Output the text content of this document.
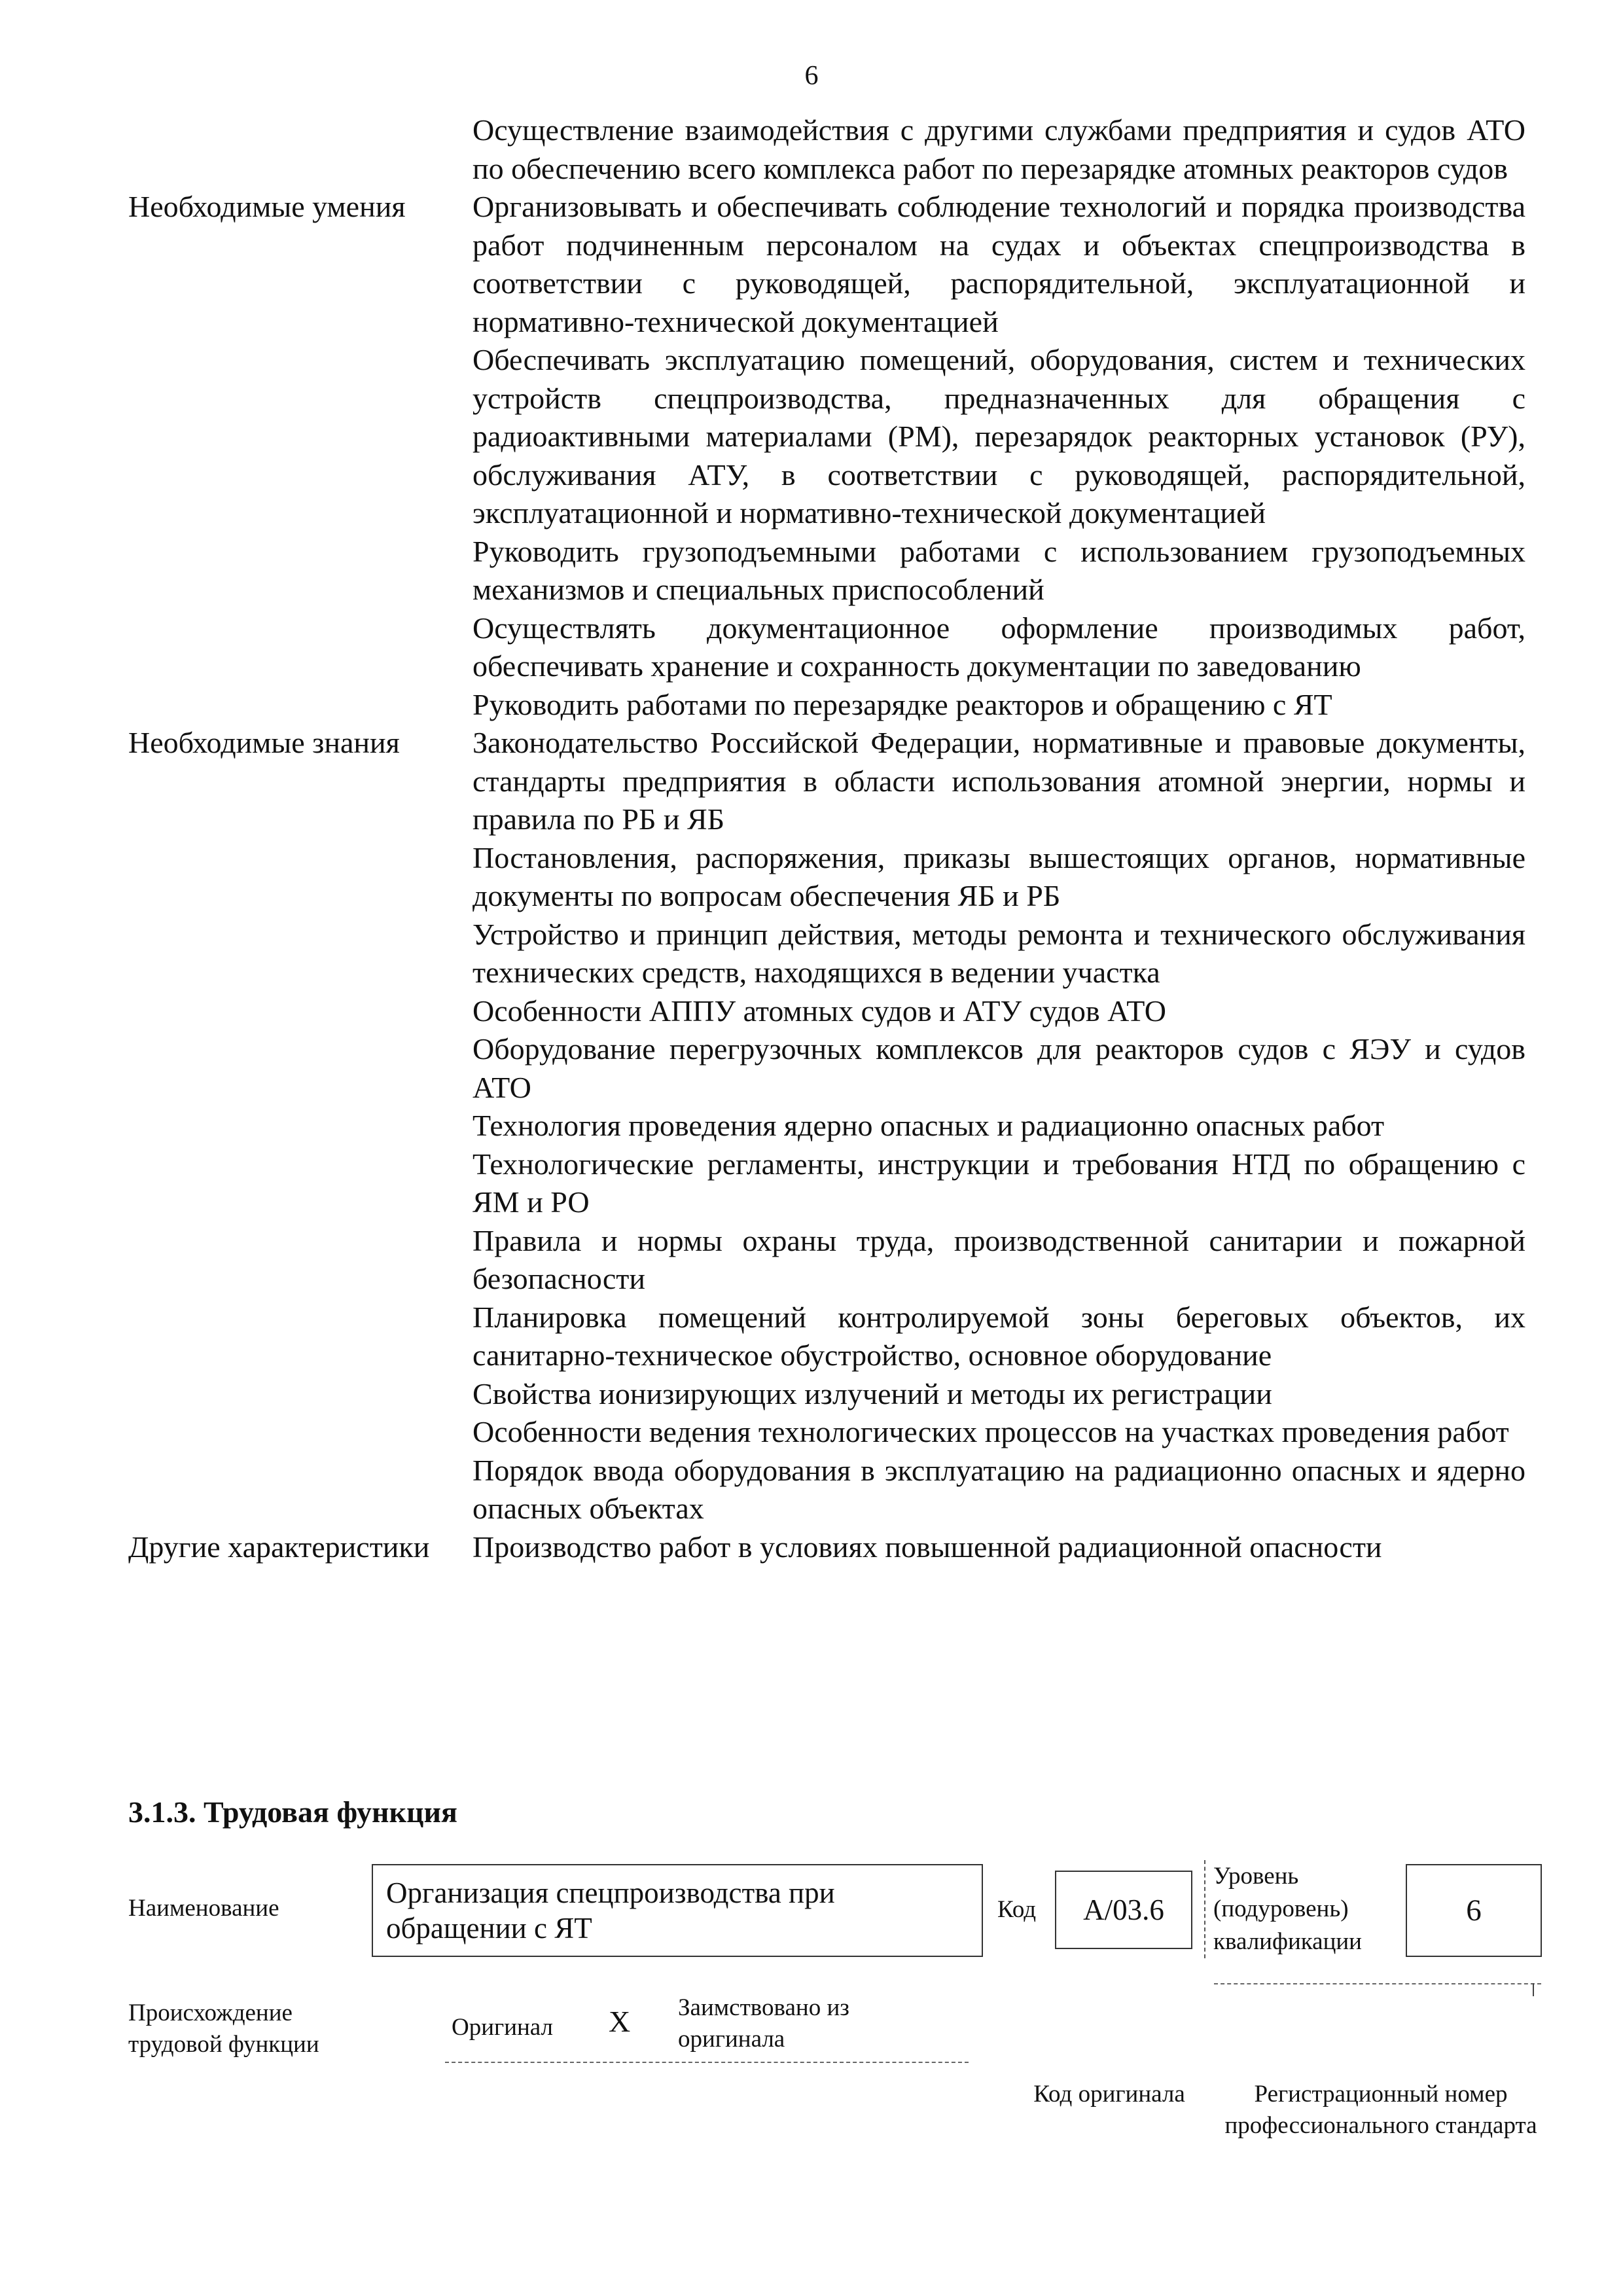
6
Осуществление взаимодействия с другими службами предприятия и судов АТО по обеспечению всего комплекса работ по перезарядке атомных реакторов судов
Необходимые умения	Организовывать и обеспечивать соблюдение технологий и порядка производства работ подчиненным персоналом на судах и объектах спецпроизводства в соответствии с руководящей, распорядительной, эксплуатационной и нормативно-технической документацией
Обеспечивать эксплуатацию помещений, оборудования, систем и технических устройств спецпроизводства, предназначенных для обращения с радиоактивными материалами (РМ), перезарядок реакторных установок (РУ), обслуживания АТУ, в соответствии с руководящей, распорядительной, эксплуатационной и нормативно-технической документацией
Руководить грузоподъемными работами с использованием грузоподъемных механизмов и специальных приспособлений
Осуществлять документационное оформление производимых работ, обеспечивать хранение и сохранность документации по заведованию
Руководить работами по перезарядке реакторов и обращению с ЯТ
Необходимые знания	Законодательство Российской Федерации, нормативные и правовые документы, стандарты предприятия в области использования атомной энергии, нормы и правила по РБ и ЯБ
Постановления, распоряжения, приказы вышестоящих органов, нормативные документы по вопросам обеспечения ЯБ и РБ
Устройство и принцип действия, методы ремонта и технического обслуживания технических средств, находящихся в ведении участка
Особенности АППУ атомных судов и АТУ судов АТО
Оборудование перегрузочных комплексов для реакторов судов с ЯЭУ и судов АТО
Технология проведения ядерно опасных и радиационно опасных работ
Технологические регламенты, инструкции и требования НТД по обращению с ЯМ и РО
Правила и нормы охраны труда, производственной санитарии и пожарной безопасности
Планировка помещений контролируемой зоны береговых объектов, их санитарно-техническое обустройство, основное оборудование
Свойства ионизирующих излучений и методы их регистрации
Особенности ведения технологических процессов на участках проведения работ
Порядок ввода оборудования в эксплуатацию на радиационно опасных и ядерно опасных объектах
Другие характеристики	Производство работ в условиях повышенной радиационной опасности
3.1.3. Трудовая функция
Наименование	Организация спецпроизводства при обращении с ЯТ
Код А/03.6
Уровень (подуровень) квалификации
6
Происхождение трудовой функции
Оригинал X Заимствовано из оригинала
Код оригинала	Регистрационный номер профессионального стандарта
